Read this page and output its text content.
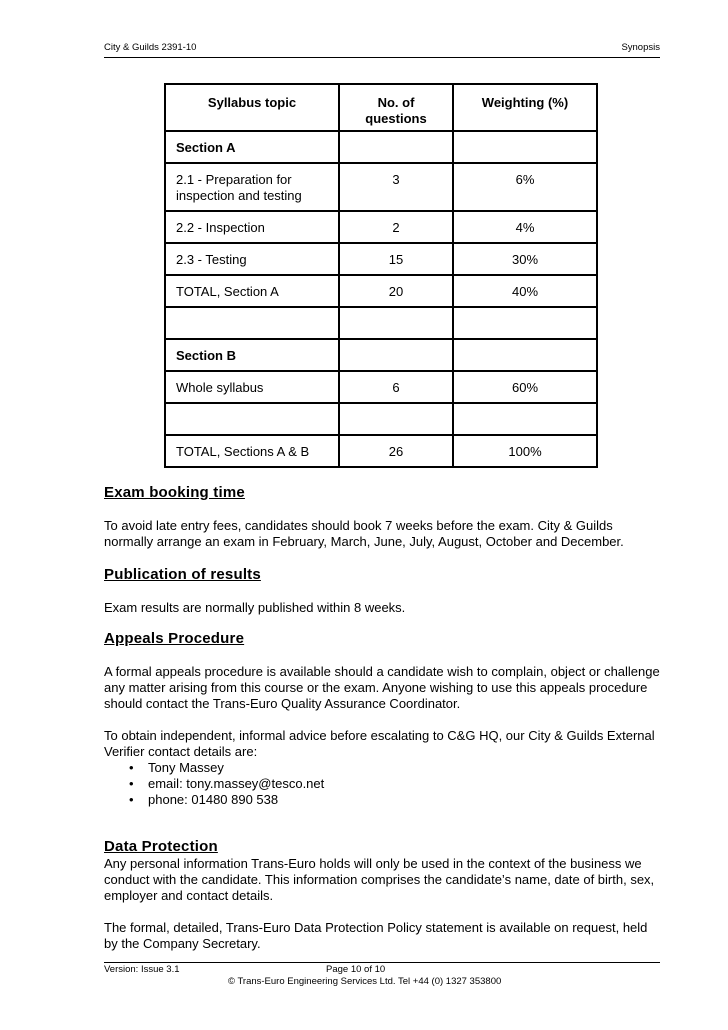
City & Guilds 2391-10	Synopsis
Syllabus topic	No. of questions	Weighting (%)
Section A		
2.1 - Preparation for inspection and testing	3	6%
2.2 - Inspection	2	4%
2.3 - Testing	15	30%
TOTAL, Section A	20	40%

Section B		
Whole syllabus	6	60%

TOTAL, Sections A & B	26	100%
Exam booking time

To avoid late entry fees, candidates should book 7 weeks before the exam. City & Guilds normally arrange an exam in February, March, June, July, August, October and December.

Publication of results

Exam results are normally published within 8 weeks.

Appeals Procedure

A formal appeals procedure is available should a candidate wish to complain, object or challenge any matter arising from this course or the exam. Anyone wishing to use this appeals procedure should contact the Trans-Euro Quality Assurance Coordinator.

To obtain independent, informal advice before escalating to C&G HQ, our City & Guilds External Verifier contact details are:

• Tony Massey
• email: tony.massey@tesco.net
• phone: 01480 890 538
Data Protection

Any personal information Trans-Euro holds will only be used in the context of the business we conduct with the candidate. This information comprises the candidate’s name, date of birth, sex, employer and contact details.

The formal, detailed, Trans-Euro Data Protection Policy statement is available on request, held by the Company Secretary.

Version: Issue 3.1	Page 10 of 10
© Trans-Euro Engineering Services Ltd. Tel +44 (0) 1327 353800
